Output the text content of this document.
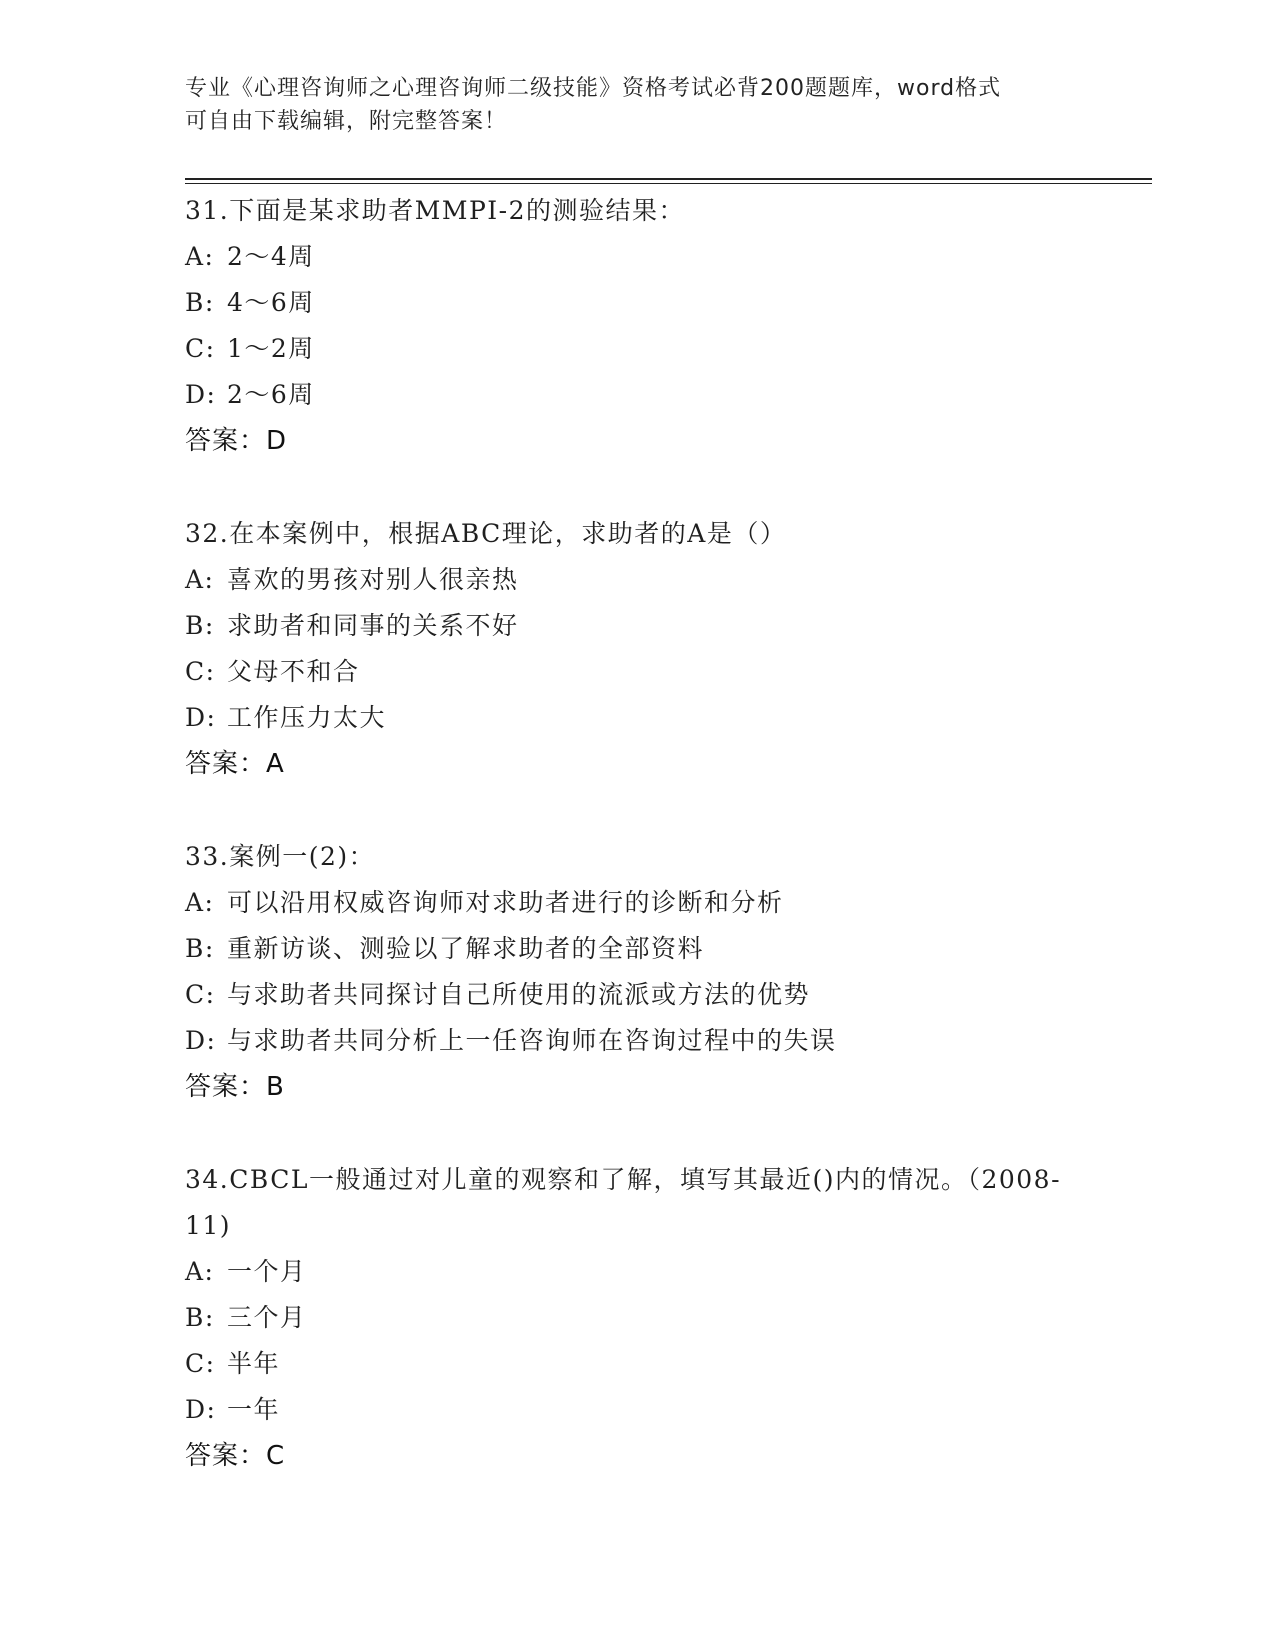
专业《心理咨询师之心理咨询师二级技能》资格考试必背200题题库，word格式
可自由下载编辑，附完整答案！
31.下面是某求助者MMPI-2的测验结果：
A: 2～4周
B: 4～6周
C: 1～2周
D: 2～6周
答案：D
32.在本案例中，根据ABC理论，求助者的A是（）
A: 喜欢的男孩对别人很亲热
B: 求助者和同事的关系不好
C: 父母不和合
D: 工作压力太大
答案：A
33.案例一(2)：
A: 可以沿用权威咨询师对求助者进行的诊断和分析
B: 重新访谈、测验以了解求助者的全部资料
C: 与求助者共同探讨自己所使用的流派或方法的优势
D: 与求助者共同分析上一任咨询师在咨询过程中的失误
答案：B
34.CBCL一般通过对儿童的观察和了解，填写其最近()内的情况。（2008-11)
A: 一个月
B: 三个月
C: 半年
D: 一年
答案：C
